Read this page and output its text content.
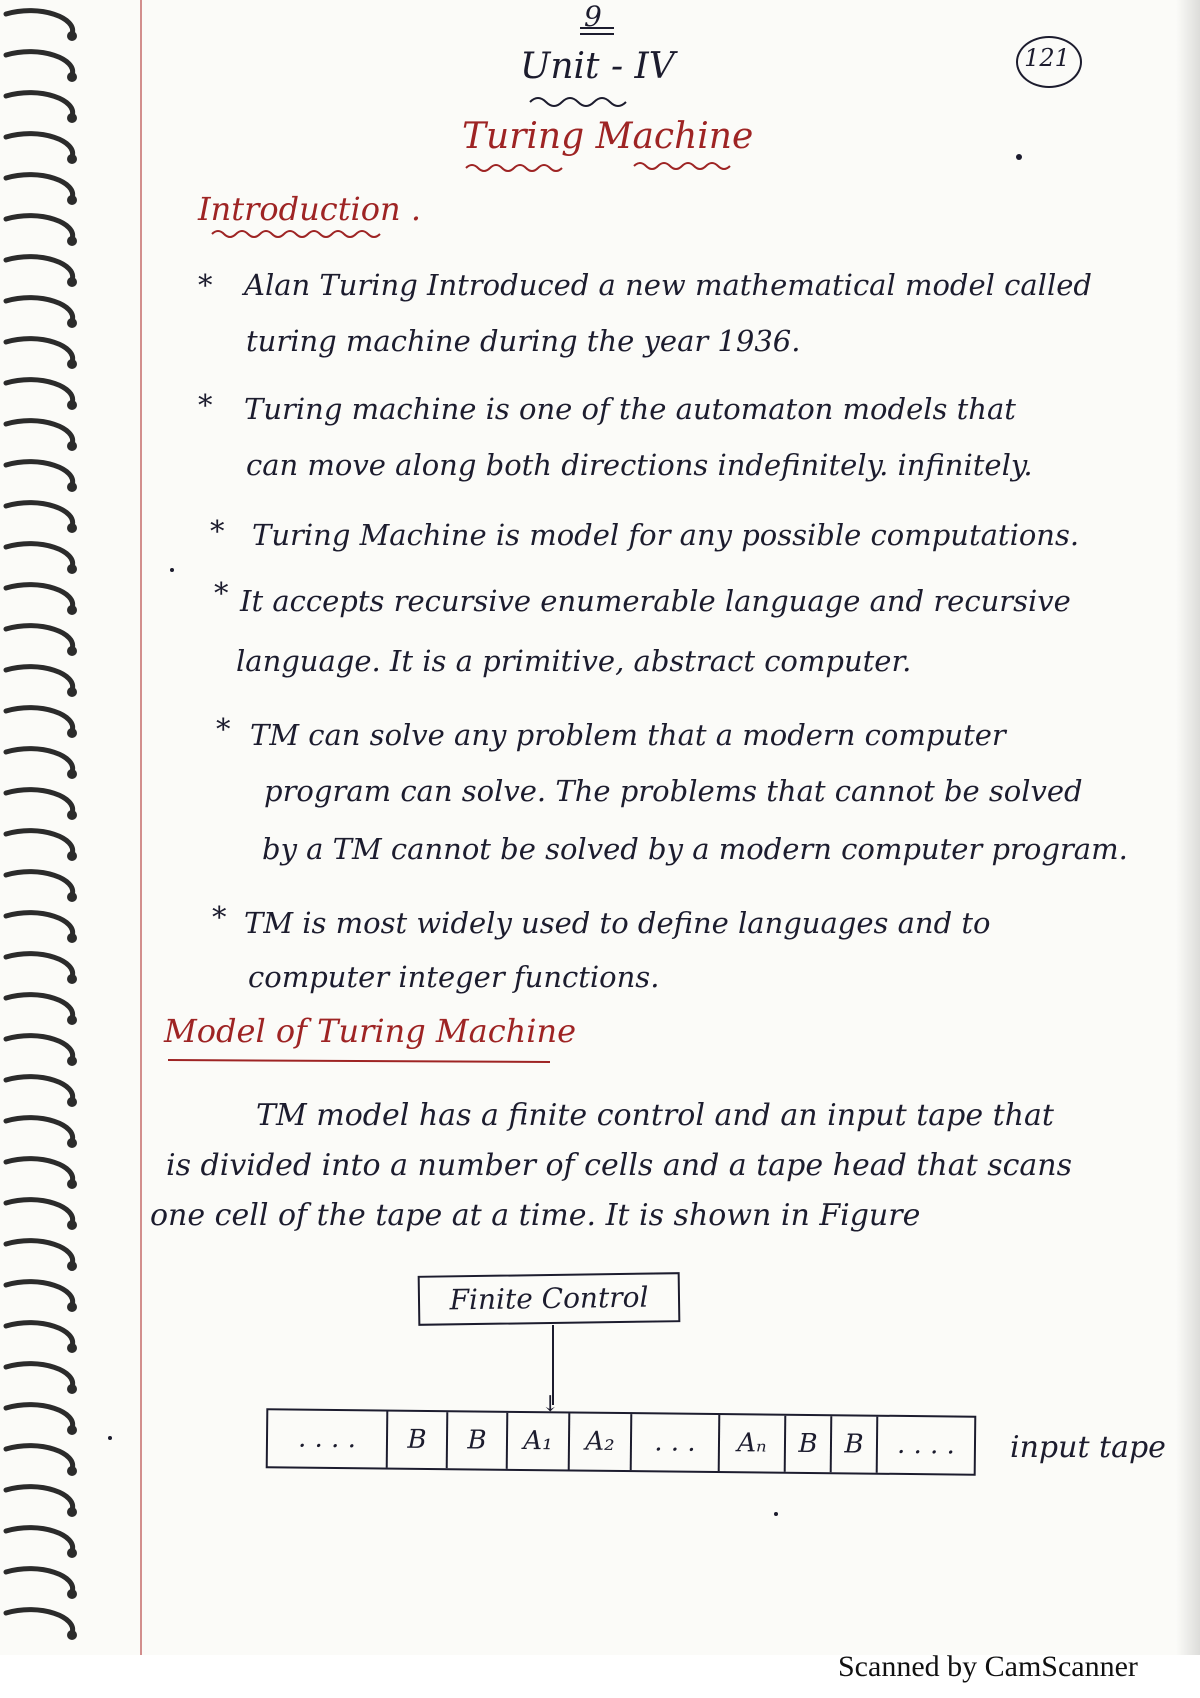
9
Unit - IV	121
Turing Machine
Introduction .
* Alan Turing Introduced a new mathematical model called
turing machine during the year 1936.
* Turing machine is one of the automaton models that
can move along both directions indefinitely. infinitely.
* Turing Machine is model for any possible computations.
* It accepts recursive enumerable language and recursive
language. It is a primitive, abstract computer.
* TM can solve any problem that a modern computer
program can solve. The problems that cannot be solved
by a TM cannot be solved by a modern computer program.
* TM is most widely used to define languages and to
computer integer functions.
Model of Turing Machine
TM model has a finite control and an input tape that
is divided into a number of cells and a tape head that scans
one cell of the tape at a time. It is shown in Figure
Finite Control
↓
. . . .	B	B	A₁	A₂	. . .	Aₙ	B	B	. . . .	input tape
Scanned by CamScanner
